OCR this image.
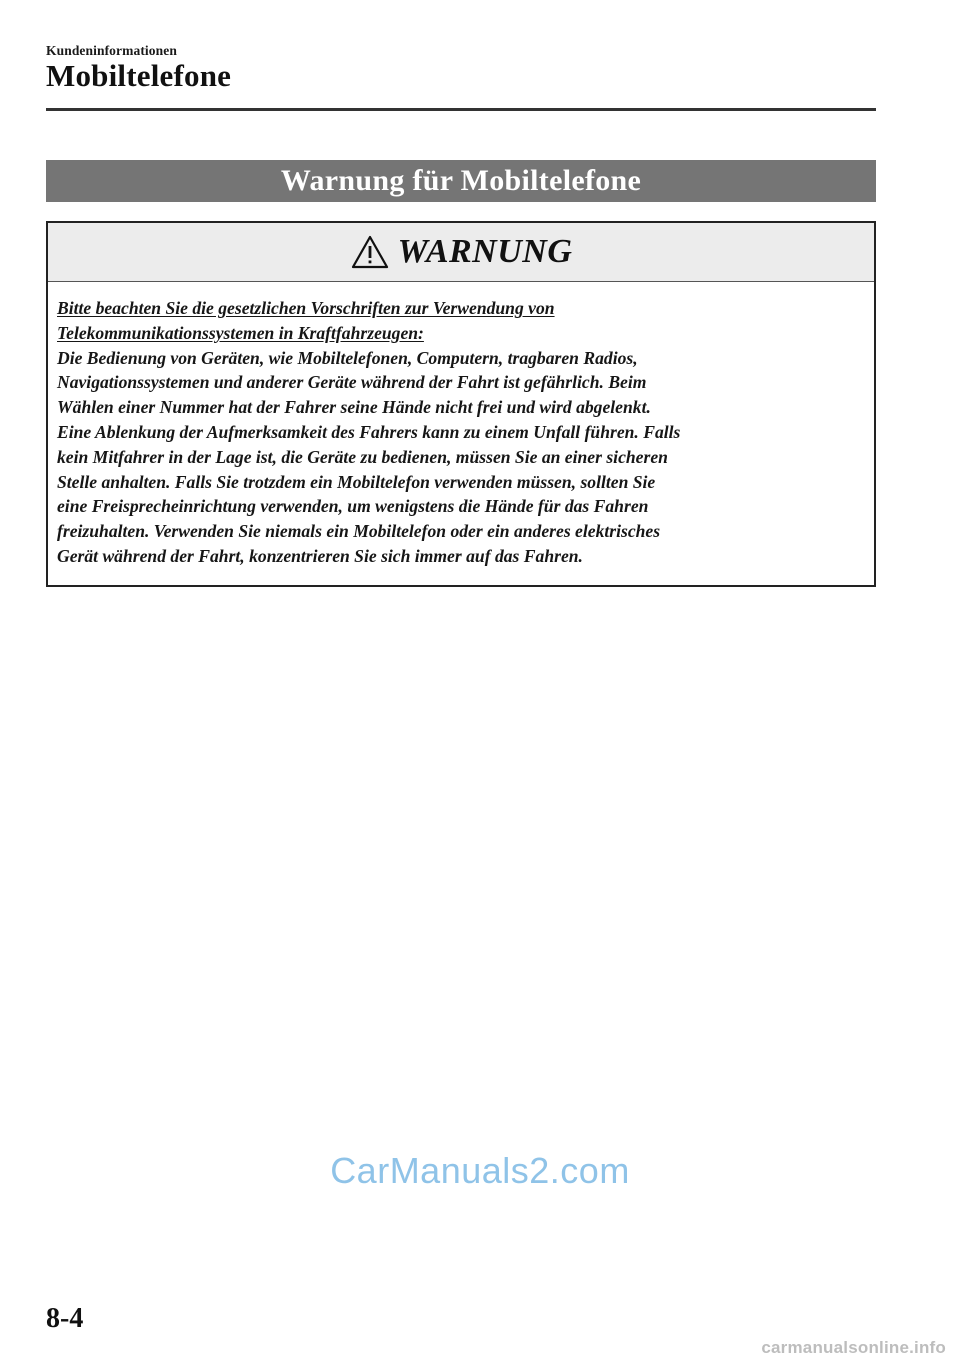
Kundeninformationen
Mobiltelefone
Warnung für Mobiltelefone
WARNUNG

Bitte beachten Sie die gesetzlichen Vorschriften zur Verwendung von

Telekommunikationssystemen in Kraftfahrzeugen:

Die Bedienung von Geräten, wie Mobiltelefonen, Computern, tragbaren Radios,

Navigationssystemen und anderer Geräte während der Fahrt ist gefährlich. Beim

Wählen einer Nummer hat der Fahrer seine Hände nicht frei und wird abgelenkt.

Eine Ablenkung der Aufmerksamkeit des Fahrers kann zu einem Unfall führen. Falls

kein Mitfahrer in der Lage ist, die Geräte zu bedienen, müssen Sie an einer sicheren

Stelle anhalten. Falls Sie trotzdem ein Mobiltelefon verwenden müssen, sollten Sie

eine Freisprecheinrichtung verwenden, um wenigstens die Hände für das Fahren

freizuhalten. Verwenden Sie niemals ein Mobiltelefon oder ein anderes elektrisches

Gerät während der Fahrt, konzentrieren Sie sich immer auf das Fahren.

CarManuals2.com
8-4
carmanualsonline.info
